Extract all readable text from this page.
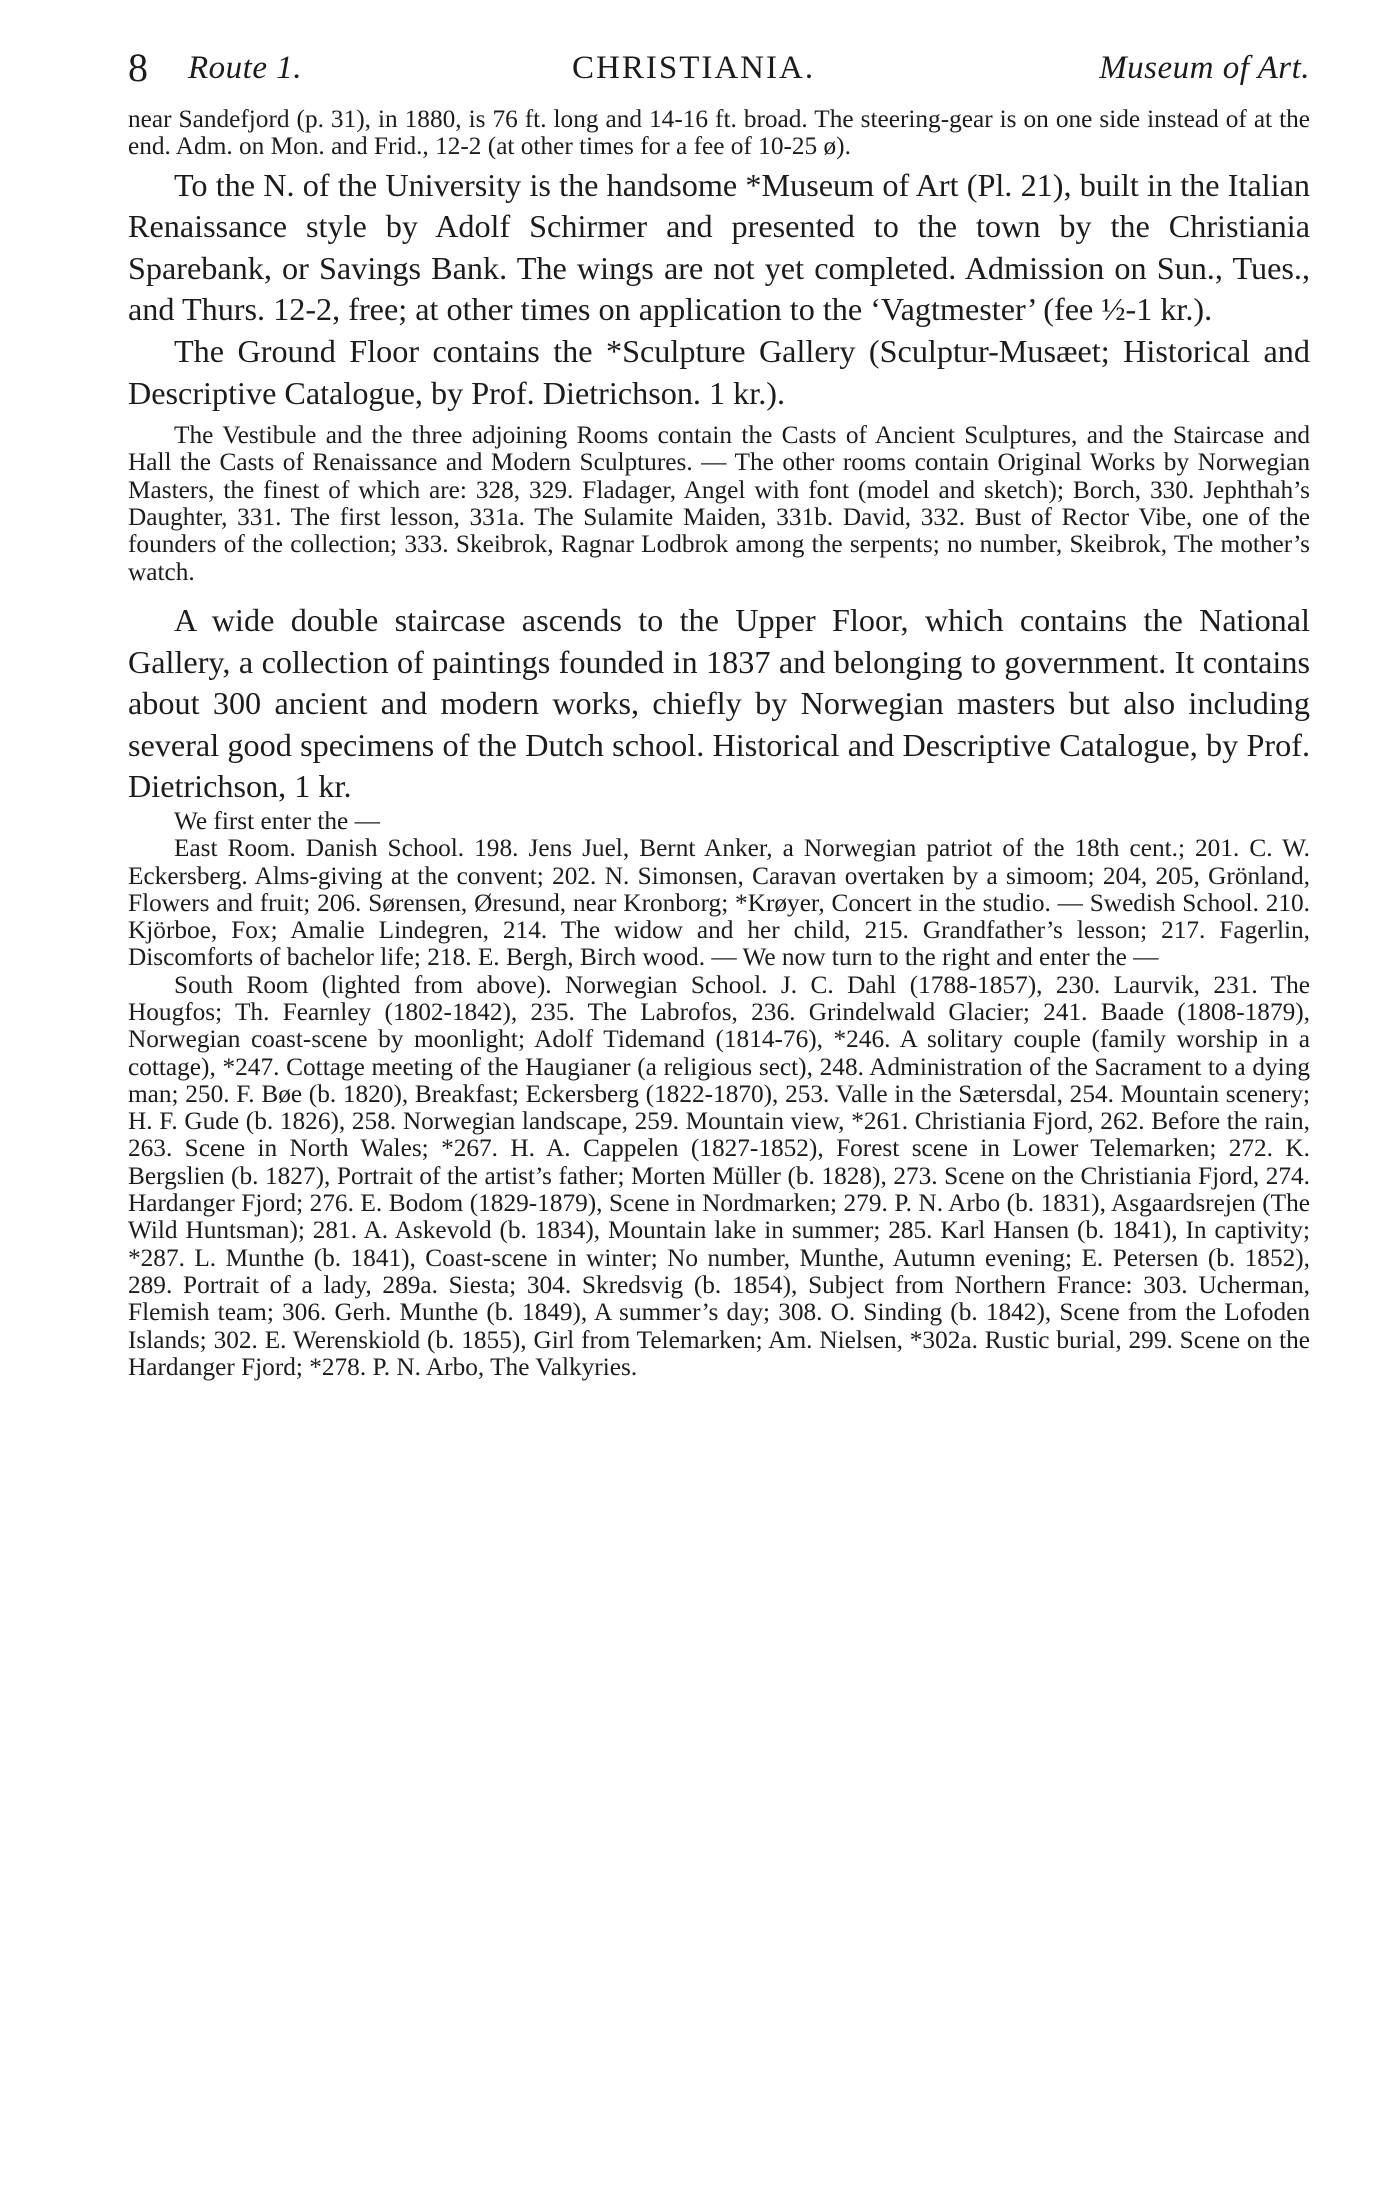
8 Route 1.	CHRISTIANIA.	Museum of Art.

near Sandefjord (p. 31), in 1880, is 76 ft. long and 14-16 ft. broad. The steering-gear is on one side instead of at the end. Adm. on Mon. and Frid., 12-2 (at other times for a fee of 10-25 ø).

To the N. of the University is the handsome *Museum of Art (Pl. 21), built in the Italian Renaissance style by Adolf Schirmer and presented to the town by the Christiania Sparebank, or Savings Bank. The wings are not yet completed. Admission on Sun., Tues., and Thurs. 12-2, free; at other times on application to the ‘Vagtmester’ (fee ½-1 kr.).

The Ground Floor contains the *Sculpture Gallery (Sculptur-Musæet; Historical and Descriptive Catalogue, by Prof. Dietrichson. 1 kr.).

The Vestibule and the three adjoining Rooms contain the Casts of Ancient Sculptures, and the Staircase and Hall the Casts of Renaissance and Modern Sculptures. — The other rooms contain Original Works by Norwegian Masters, the finest of which are: 328, 329. Fladager, Angel with font (model and sketch); Borch, 330. Jephthah’s Daughter, 331. The first lesson, 331a. The Sulamite Maiden, 331b. David, 332. Bust of Rector Vibe, one of the founders of the collection; 333. Skeibrok, Ragnar Lodbrok among the serpents; no number, Skeibrok, The mother’s watch.

A wide double staircase ascends to the Upper Floor, which contains the National Gallery, a collection of paintings founded in 1837 and belonging to government. It contains about 300 ancient and modern works, chiefly by Norwegian masters but also including several good specimens of the Dutch school. Historical and Descriptive Catalogue, by Prof. Dietrichson, 1 kr.

We first enter the —

East Room. Danish School. 198. Jens Juel, Bernt Anker, a Norwegian patriot of the 18th cent.; 201. C. W. Eckersberg. Alms-giving at the convent; 202. N. Simonsen, Caravan overtaken by a simoom; 204, 205, Grönland, Flowers and fruit; 206. Sørensen, Øresund, near Kronborg; *Krøyer, Concert in the studio. — Swedish School. 210. Kjörboe, Fox; Amalie Lindegren, 214. The widow and her child, 215. Grandfather’s lesson; 217. Fagerlin, Discomforts of bachelor life; 218. E. Bergh, Birch wood. — We now turn to the right and enter the —

South Room (lighted from above). Norwegian School. J. C. Dahl (1788-1857), 230. Laurvik, 231. The Hougfos; Th. Fearnley (1802-1842), 235. The Labrofos, 236. Grindelwald Glacier; 241. Baade (1808-1879), Norwegian coast-scene by moonlight; Adolf Tidemand (1814-76), *246. A solitary couple (family worship in a cottage), *247. Cottage meeting of the Haugianer (a religious sect), 248. Administration of the Sacrament to a dying man; 250. F. Bøe (b. 1820), Breakfast; Eckersberg (1822-1870), 253. Valle in the Sætersdal, 254. Mountain scenery; H. F. Gude (b. 1826), 258. Norwegian landscape, 259. Mountain view, *261. Christiania Fjord, 262. Before the rain, 263. Scene in North Wales; *267. H. A. Cappelen (1827-1852), Forest scene in Lower Telemarken; 272. K. Bergslien (b. 1827), Portrait of the artist’s father; Morten Müller (b. 1828), 273. Scene on the Christiania Fjord, 274. Hardanger Fjord; 276. E. Bodom (1829-1879), Scene in Nordmarken; 279. P. N. Arbo (b. 1831), Asgaardsrejen (The Wild Huntsman); 281. A. Askevold (b. 1834), Mountain lake in summer; 285. Karl Hansen (b. 1841), In captivity; *287. L. Munthe (b. 1841), Coast-scene in winter; No number, Munthe, Autumn evening; E. Petersen (b. 1852), 289. Portrait of a lady, 289a. Siesta; 304. Skredsvig (b. 1854), Subject from Northern France: 303. Ucherman, Flemish team; 306. Gerh. Munthe (b. 1849), A summer’s day; 308. O. Sinding (b. 1842), Scene from the Lofoden Islands; 302. E. Werenskiold (b. 1855), Girl from Telemarken; Am. Nielsen, *302a. Rustic burial, 299. Scene on the Hardanger Fjord; *278. P. N. Arbo, The Valkyries.
